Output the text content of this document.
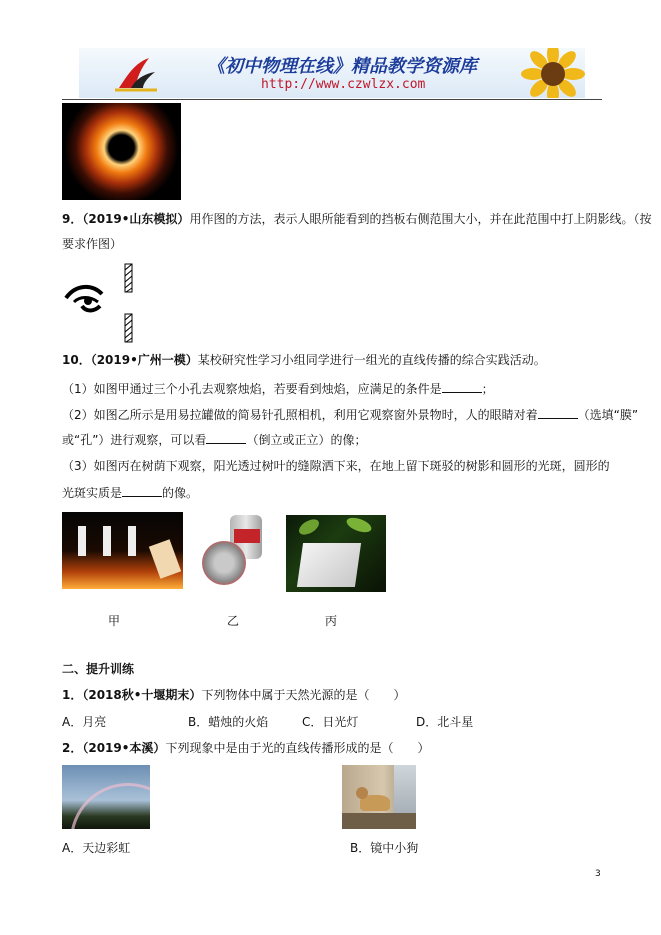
《初中物理在线》精品教学资源库
http://www.czwlzx.com
9．（2019•山东模拟）用作图的方法，表示人眼所能看到的挡板右侧范围大小，并在此范围中打上阴影线。（按
要求作图）
10．（2019•广州一模）某校研究性学习小组同学进行一组光的直线传播的综合实践活动。
（1）如图甲通过三个小孔去观察烛焰，若要看到烛焰，应满足的条件是	；
（2）如图乙所示是用易拉罐做的简易针孔照相机，利用它观察窗外景物时，人的眼睛对着	（选填“膜”
或“孔”）进行观察，可以看	（倒立或正立）的像；
（3）如图丙在树荫下观察，阳光透过树叶的缝隙洒下来，在地上留下斑驳的树影和圆形的光斑，圆形的
光斑实质是	的像。
甲	乙	丙
二、提升训练
1．（2018秋•十堰期末）下列物体中属于天然光源的是（　　）
A．月亮	B．蜡烛的火焰	C．日光灯	D．北斗星
2．（2019•本溪）下列现象中是由于光的直线传播形成的是（　　）
A．天边彩虹	B．镜中小狗
3
